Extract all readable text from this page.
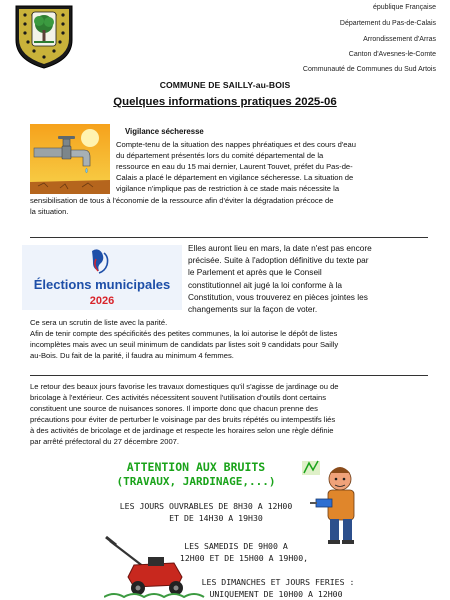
épublique Française
Département du Pas-de-Calais
Arrondissement d'Arras
Canton d'Avesnes-le-Comte
Communauté de Communes du Sud Artois
COMMUNE DE SAILLY-au-BOIS
Quelques informations pratiques 2025-06
Vigilance sécheresse
Compte-tenu de la situation des nappes phréatiques et des cours d'eau
du département présentés lors du comité départemental de la
ressource en eau du 15 mai dernier, Laurent Touvet, préfet du Pas-de-
Calais a placé le département en vigilance sécheresse. La situation de
vigilance n'implique pas de restriction à ce stade mais nécessite la
sensibilisation de tous à l'économie de la ressource afin d'éviter la dégradation précoce de
la situation.
Élections municipales
2026
Elles auront lieu en mars, la date n'est pas encore
précisée. Suite à l'adoption définitive du texte par
le Parlement et après que le Conseil
constitutionnel ait jugé la loi conforme à la
Constitution, vous trouverez en pièces jointes les
changements sur la façon de voter.
Ce sera un scrutin de liste avec la parité.
Afin de tenir compte des spécificités des petites communes, la loi autorise le dépôt de listes
incomplètes mais avec un seuil minimum de candidats par listes soit 9 candidats pour Sailly
au-Bois. Du fait de la parité, il faudra au minimum 4 femmes.
Le retour des beaux jours favorise les travaux domestiques qu'il s'agisse de jardinage ou de
bricolage à l'extérieur. Ces activités nécessitent souvent l'utilisation d'outils dont certains
constituent une source de nuisances sonores. Il importe donc que chacun prenne des
précautions pour éviter de perturber le voisinage par des bruits répétés ou intempestifs liés
à des activités de bricolage et de jardinage et respecte les horaires selon une règle définie
par arrêté préfectoral du 27 décembre 2007.
ATTENTION AUX BRUITS
(TRAVAUX, JARDINAGE,...)
LES JOURS OUVRABLES DE 8H30 A 12H00
ET DE 14H30 A 19H30
LES SAMEDIS DE 9H00 A
12H00 ET DE 15H00 A 19H00,
LES DIMANCHES ET JOURS FERIES :
UNIQUEMENT DE 10H00 A 12H00
